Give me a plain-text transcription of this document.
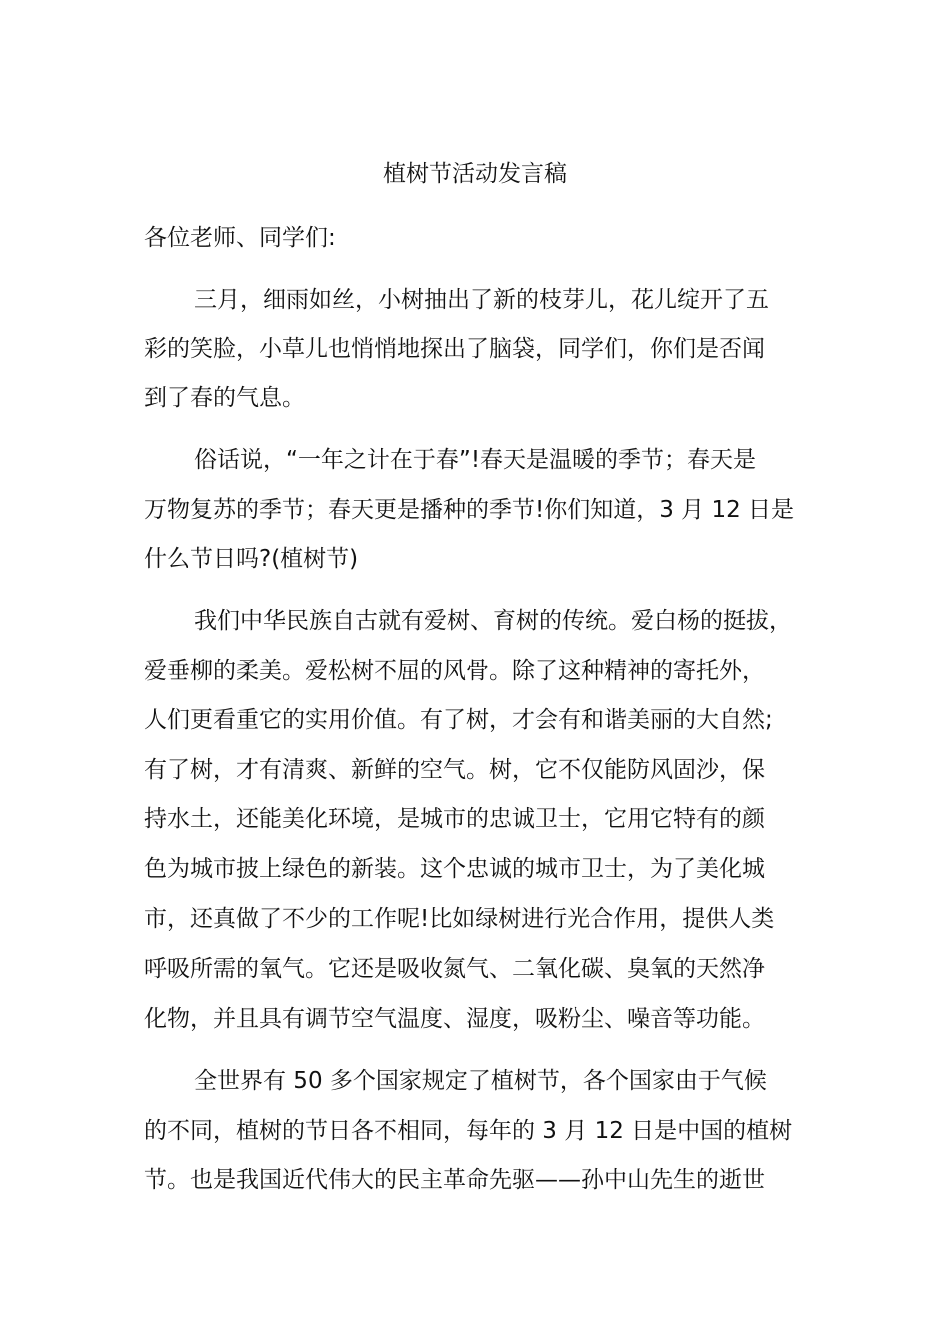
植树节活动发言稿
各位老师、同学们:
三月，细雨如丝，小树抽出了新的枝芽儿，花儿绽开了五
彩的笑脸，小草儿也悄悄地探出了脑袋，同学们，你们是否闻
到了春的气息。
俗话说，“一年之计在于春”!春天是温暖的季节；春天是
万物复苏的季节；春天更是播种的季节!你们知道，3 月 12 日是
什么节日吗?(植树节)
我们中华民族自古就有爱树、育树的传统。爱白杨的挺拔，
爱垂柳的柔美。爱松树不屈的风骨。除了这种精神的寄托外，
人们更看重它的实用价值。有了树，才会有和谐美丽的大自然;
有了树，才有清爽、新鲜的空气。树，它不仅能防风固沙，保
持水土，还能美化环境，是城市的忠诚卫士，它用它特有的颜
色为城市披上绿色的新装。这个忠诚的城市卫士，为了美化城
市，还真做了不少的工作呢!比如绿树进行光合作用，提供人类
呼吸所需的氧气。它还是吸收氮气、二氧化碳、臭氧的天然净
化物，并且具有调节空气温度、湿度，吸粉尘、噪音等功能。
全世界有 50 多个国家规定了植树节，各个国家由于气候
的不同，植树的节日各不相同，每年的 3 月 12 日是中国的植树
节。也是我国近代伟大的民主革命先驱——孙中山先生的逝世
